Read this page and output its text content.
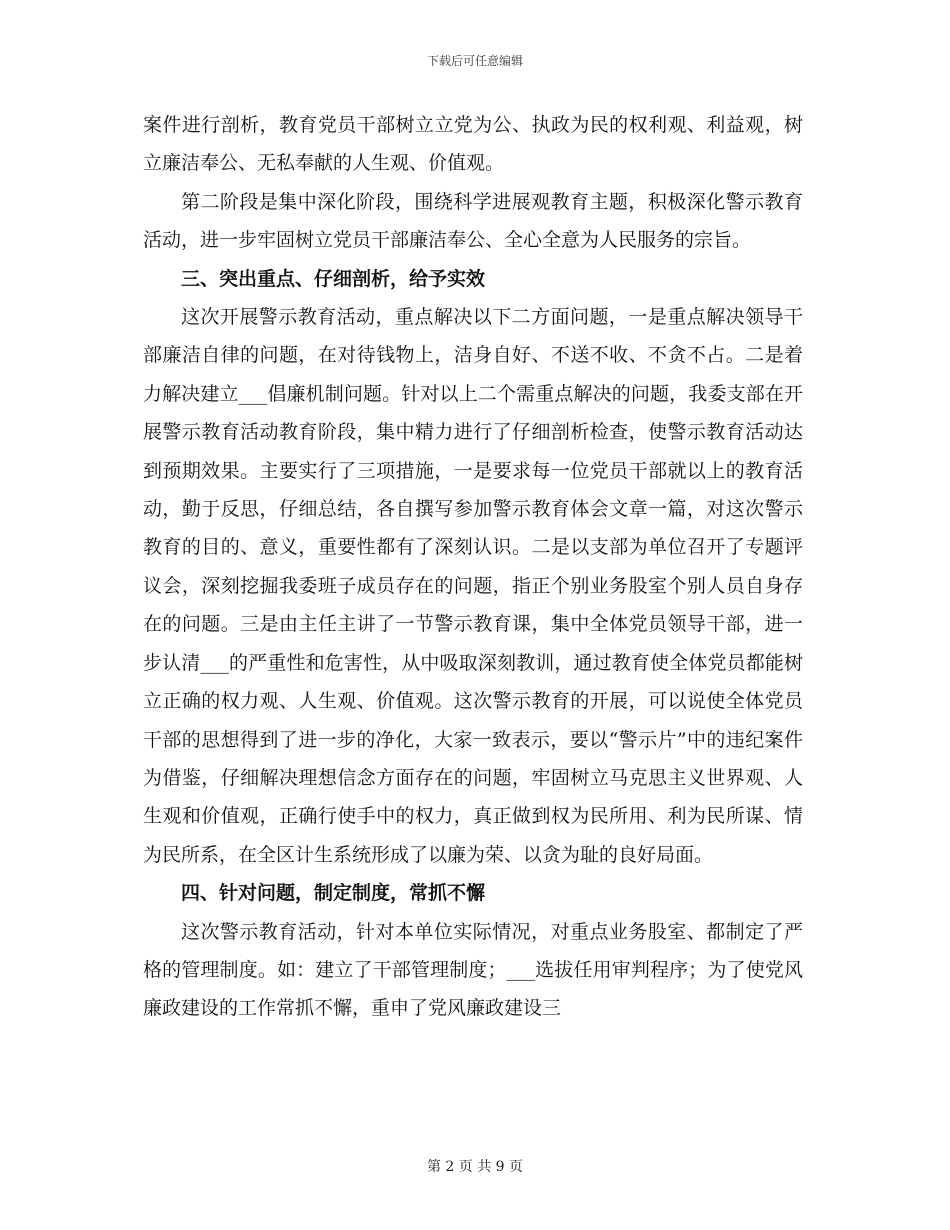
下载后可任意编辑

案件进行剖析，教育党员干部树立立党为公、执政为民的权利观、利益观，树立廉洁奉公、无私奉献的人生观、价值观。

第二阶段是集中深化阶段，围绕科学进展观教育主题，积极深化警示教育活动，进一步牢固树立党员干部廉洁奉公、全心全意为人民服务的宗旨。

三、突出重点、仔细剖析，给予实效

这次开展警示教育活动，重点解决以下二方面问题，一是重点解决领导干部廉洁自律的问题，在对待钱物上，洁身自好、不送不收、不贪不占。二是着力解决建立___倡廉机制问题。针对以上二个需重点解决的问题，我委支部在开展警示教育活动教育阶段，集中精力进行了仔细剖析检查，使警示教育活动达到预期效果。主要实行了三项措施，一是要求每一位党员干部就以上的教育活动，勤于反思，仔细总结，各自撰写参加警示教育体会文章一篇，对这次警示教育的目的、意义，重要性都有了深刻认识。二是以支部为单位召开了专题评议会，深刻挖掘我委班子成员存在的问题，指正个别业务股室个别人员自身存在的问题。三是由主任主讲了一节警示教育课，集中全体党员领导干部，进一步认清___的严重性和危害性，从中吸取深刻教训，通过教育使全体党员都能树立正确的权力观、人生观、价值观。这次警示教育的开展，可以说使全体党员干部的思想得到了进一步的净化，大家一致表示，要以“警示片”中的违纪案件为借鉴，仔细解决理想信念方面存在的问题，牢固树立马克思主义世界观、人生观和价值观，正确行使手中的权力，真正做到权为民所用、利为民所谋、情为民所系，在全区计生系统形成了以廉为荣、以贪为耻的良好局面。

四、针对问题，制定制度，常抓不懈

这次警示教育活动，针对本单位实际情况，对重点业务股室、都制定了严格的管理制度。如：建立了干部管理制度；___选拔任用审判程序；为了使党风廉政建设的工作常抓不懈，重申了党风廉政建设三

第 2 页 共 9 页
